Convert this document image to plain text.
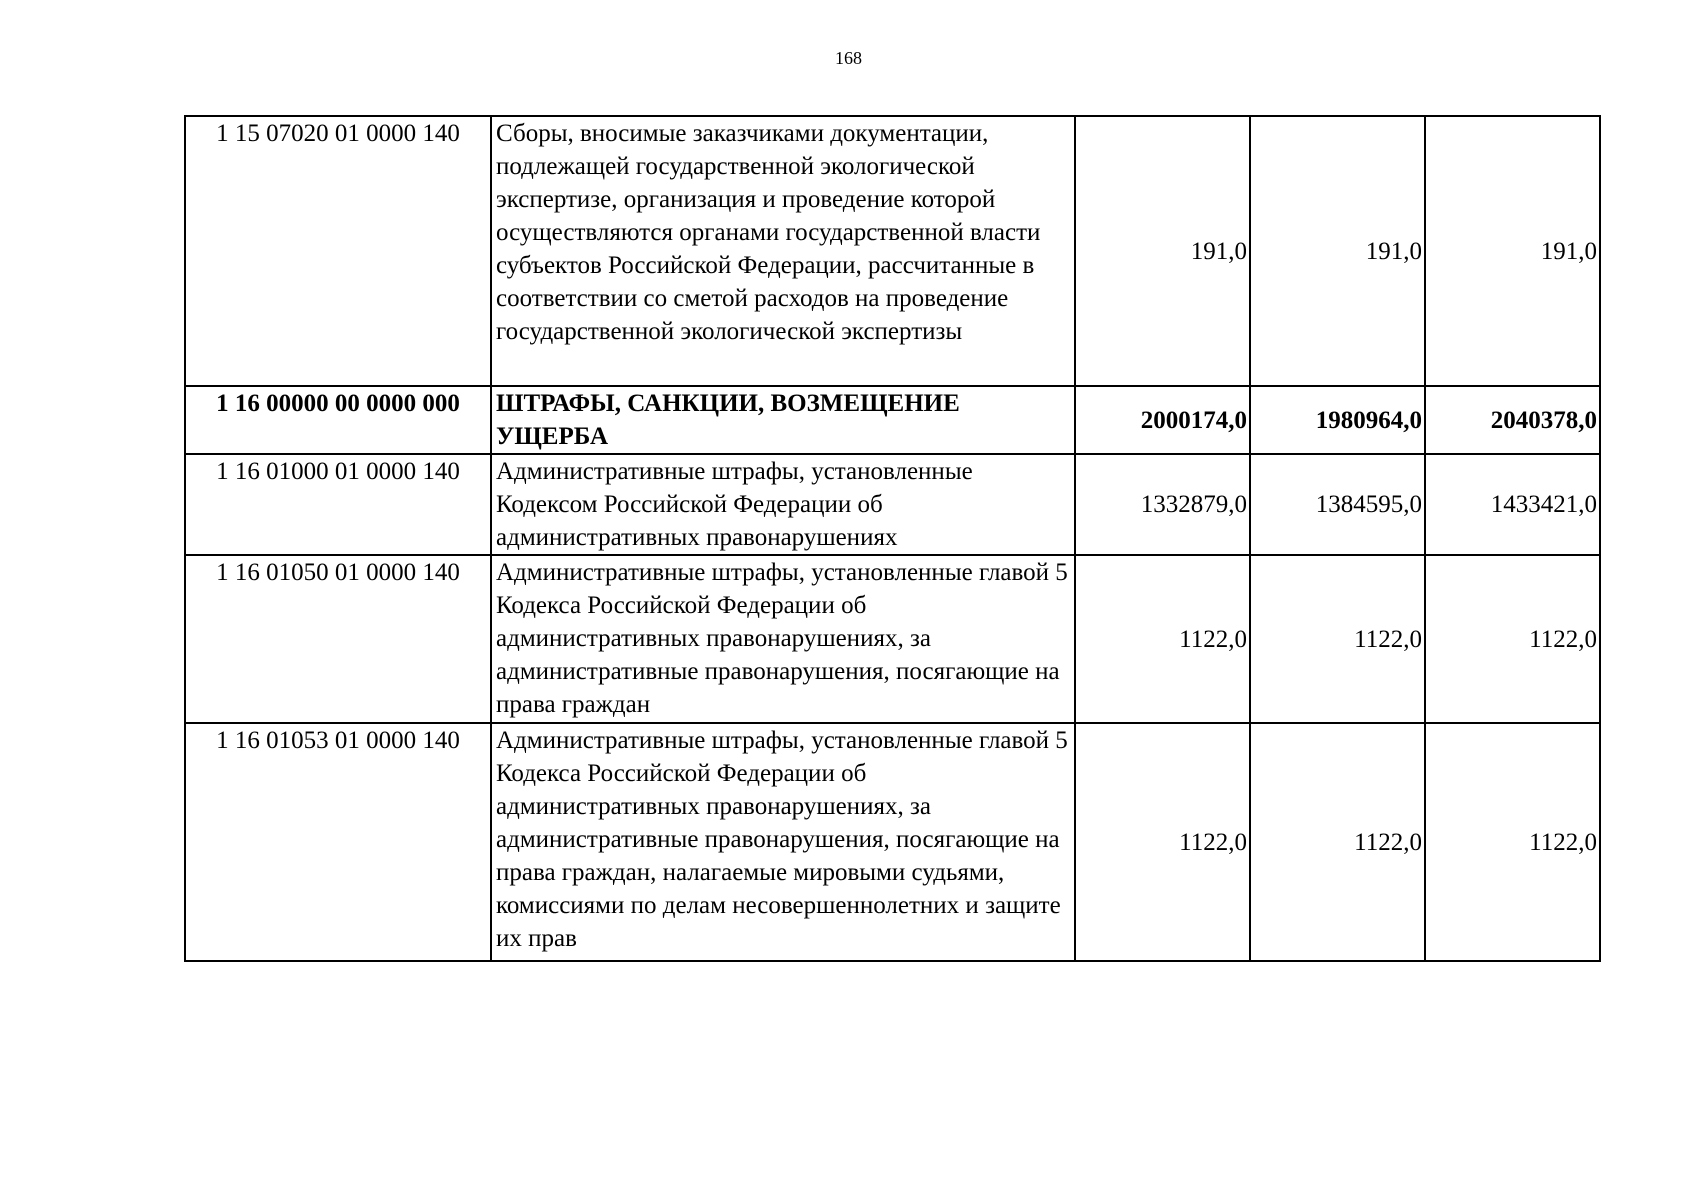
168
1 15 07020 01 0000 140	Сборы, вносимые заказчиками документации, подлежащей государственной экологической экспертизе, организация и проведение которой осуществляются органами государственной власти субъектов Российской Федерации, рассчитанные в соответствии со сметой расходов на проведение государственной экологической экспертизы	191,0	191,0	191,0
1 16 00000 00 0000 000	ШТРАФЫ, САНКЦИИ, ВОЗМЕЩЕНИЕ УЩЕРБА	2000174,0	1980964,0	2040378,0
1 16 01000 01 0000 140	Административные штрафы, установленные Кодексом Российской Федерации об административных правонарушениях	1332879,0	1384595,0	1433421,0
1 16 01050 01 0000 140	Административные штрафы, установленные главой 5 Кодекса Российской Федерации об административных правонарушениях, за административные правонарушения, посягающие на права граждан	1122,0	1122,0	1122,0
1 16 01053 01 0000 140	Административные штрафы, установленные главой 5 Кодекса Российской Федерации об административных правонарушениях, за административные правонарушения, посягающие на права граждан, налагаемые мировыми судьями, комиссиями по делам несовершеннолетних и защите их прав	1122,0	1122,0	1122,0
